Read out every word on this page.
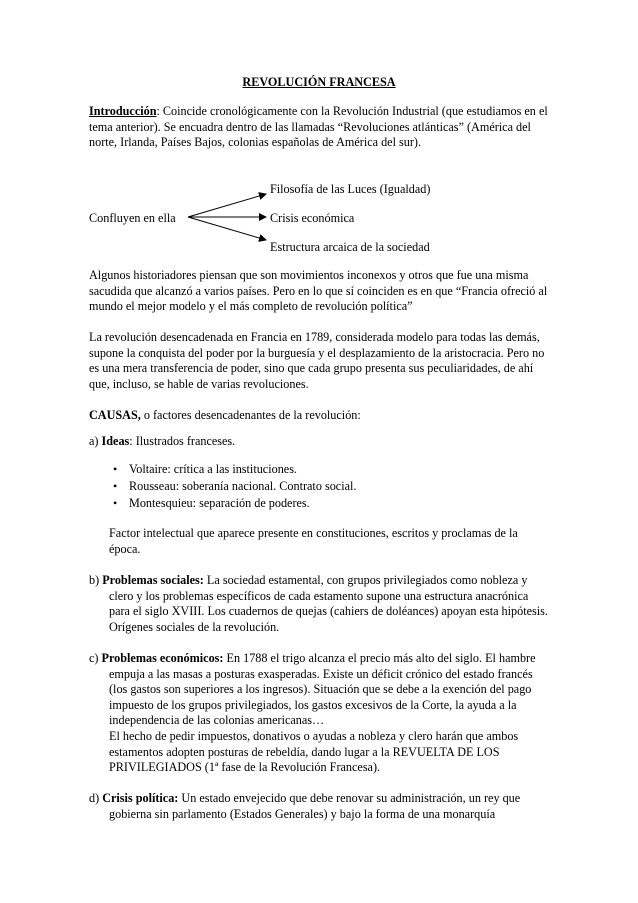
REVOLUCIÓN FRANCESA

Introducción: Coincide cronológicamente con la Revolución Industrial (que estudiamos en el tema anterior). Se encuadra dentro de las llamadas “Revoluciones atlánticas” (América del norte, Irlanda, Países Bajos, colonias españolas de América del sur).

Confluyen en ella
Filosofía de las Luces (Igualdad)
Crisis económica
Estructura arcaica de la sociedad

Algunos historiadores piensan que son movimientos inconexos y otros que fue una misma sacudida que alcanzó a varios países. Pero en lo que sí coinciden es en que “Francia ofreció al mundo el mejor modelo y el más completo de revolución política”

La revolución desencadenada en Francia en 1789, considerada modelo para todas las demás, supone la conquista del poder por la burguesía y el desplazamiento de la aristocracia. Pero no es una mera transferencia de poder, sino que cada grupo presenta sus peculiaridades, de ahí que, incluso, se hable de varias revoluciones.

CAUSAS, o factores desencadenantes de la revolución:

a) Ideas: Ilustrados franceses.

• Voltaire: crítica a las instituciones.
• Rousseau: soberanía nacional. Contrato social.
• Montesquieu: separación de poderes.

Factor intelectual que aparece presente en constituciones, escritos y proclamas de la época.

b) Problemas sociales: La sociedad estamental, con grupos privilegiados como nobleza y clero y los problemas específicos de cada estamento supone una estructura anacrónica para el siglo XVIII. Los cuadernos de quejas (cahiers de doléances) apoyan esta hipótesis. Orígenes sociales de la revolución.

c) Problemas económicos: En 1788 el trigo alcanza el precio más alto del siglo. El hambre empuja a las masas a posturas exasperadas. Existe un déficit crónico del estado francés (los gastos son superiores a los ingresos). Situación que se debe a la exención del pago impuesto de los grupos privilegiados, los gastos excesivos de la Corte, la ayuda a la independencia de las colonias americanas…

El hecho de pedir impuestos, donativos o ayudas a nobleza y clero harán que ambos estamentos adopten posturas de rebeldía, dando lugar a la REVUELTA DE LOS PRIVILEGIADOS (1ª fase de la Revolución Francesa).

d) Crisis política: Un estado envejecido que debe renovar su administración, un rey que gobierna sin parlamento (Estados Generales) y bajo la forma de una monarquía
